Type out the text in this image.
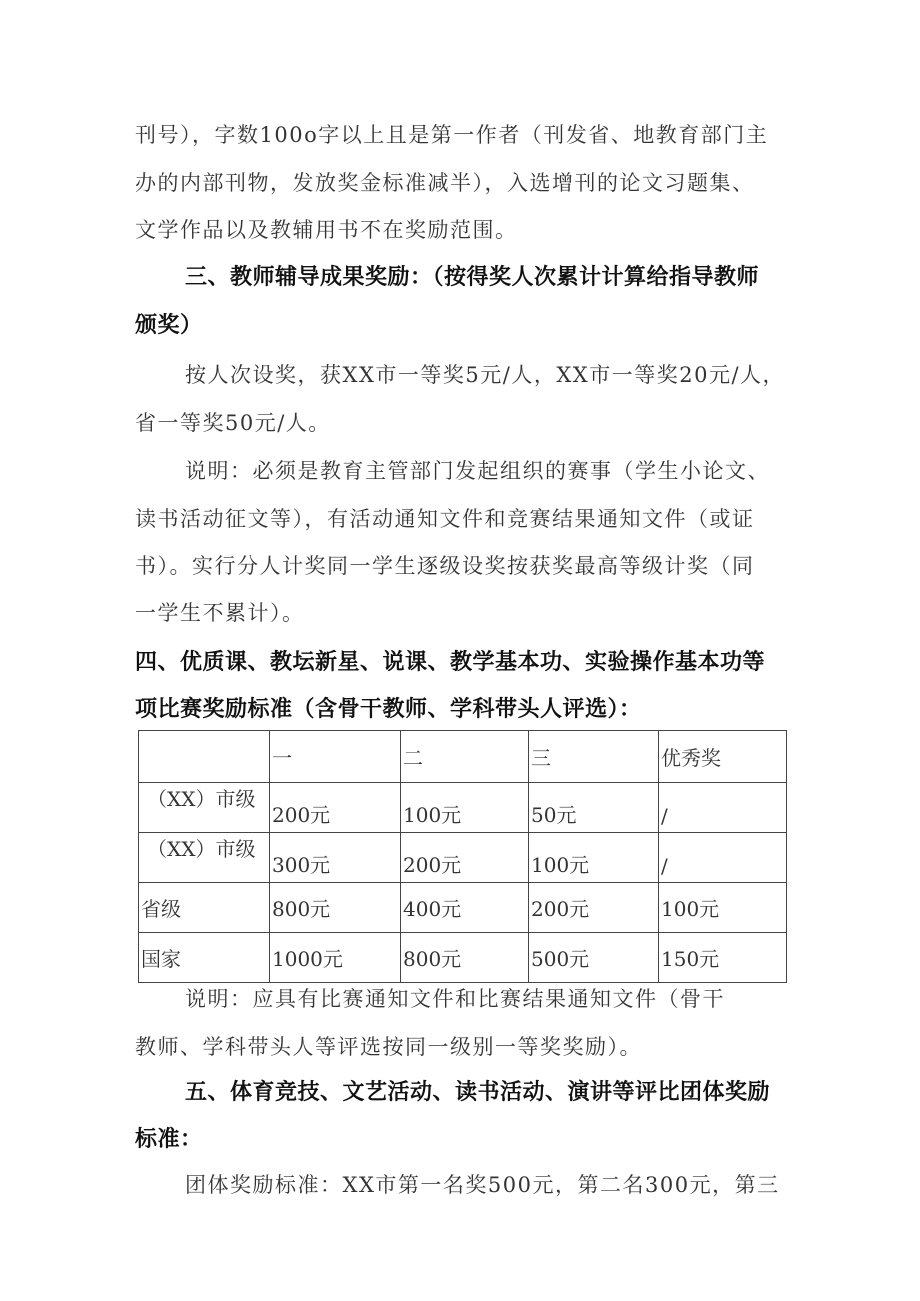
刊号），字数100o字以上且是第一作者（刊发省、地教育部门主

办的内部刊物，发放奖金标准减半），入选增刊的论文习题集、

文学作品以及教辅用书不在奖励范围。

三、教师辅导成果奖励：（按得奖人次累计计算给指导教师

颁奖）

按人次设奖，获XX市一等奖5元/人，XX市一等奖20元/人，

省一等奖50元/人。

说明：必须是教育主管部门发起组织的赛事（学生小论文、

读书活动征文等），有活动通知文件和竞赛结果通知文件（或证

书）。实行分人计奖同一学生逐级设奖按获奖最高等级计奖（同

一学生不累计）。

四、优质课、教坛新星、说课、教学基本功、实验操作基本功等

项比赛奖励标准（含骨干教师、学科带头人评选）：

	一	二	三	优秀奖

（XX）市级	200元	100元	50元	/

（XX）市级	300元	200元	100元	/
省级	800元	400元	200元	100元
国家	1000元	800元	500元	150元

说明：应具有比赛通知文件和比赛结果通知文件（骨干

教师、学科带头人等评选按同一级别一等奖奖励）。

五、体育竞技、文艺活动、读书活动、演讲等评比团体奖励

标准：

团体奖励标准：XX市第一名奖500元，第二名300元，第三
